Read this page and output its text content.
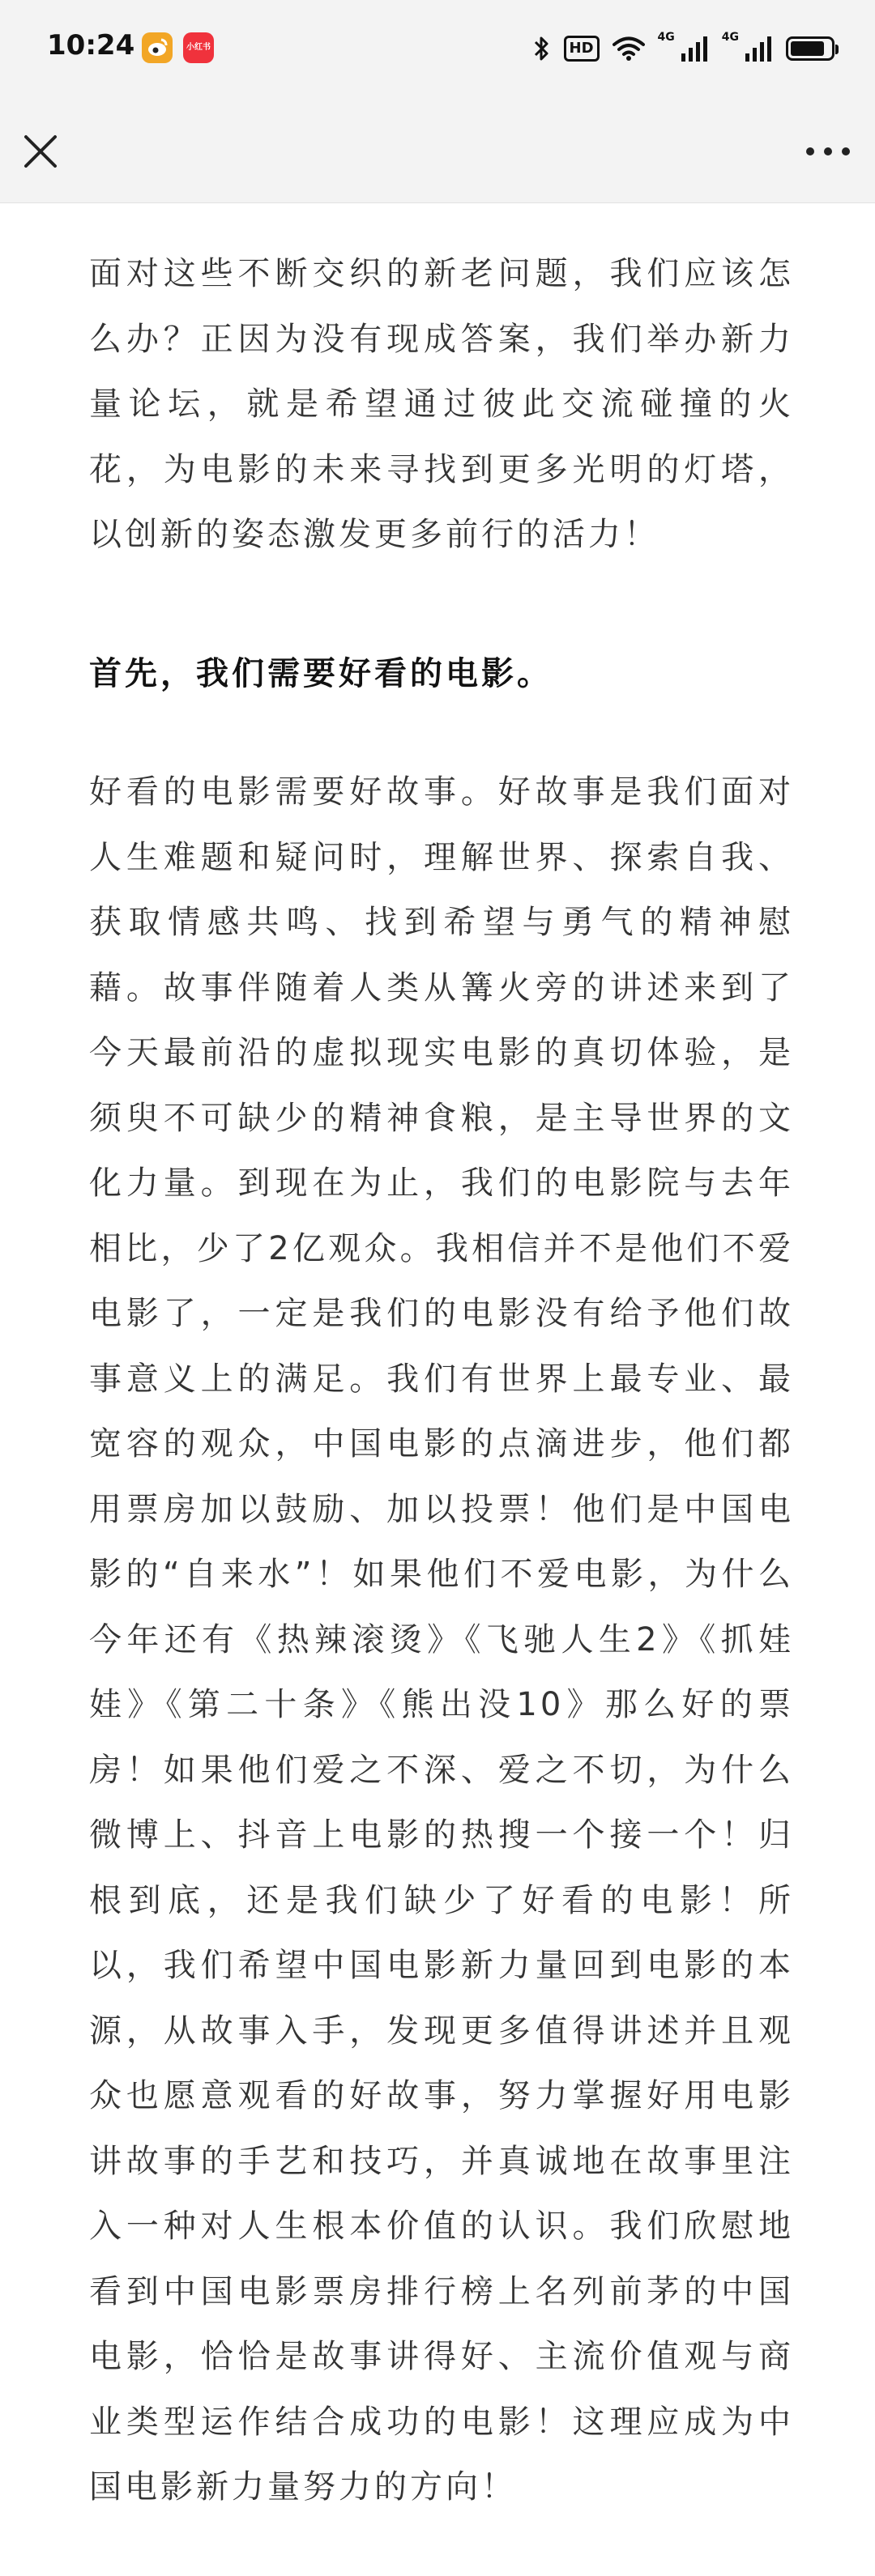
10:24	小红书	HD
4G	4G

面对这些不断交织的新老问题，我们应该怎么办？正因为没有现成答案，我们举办新力量论坛，就是希望通过彼此交流碰撞的火花，为电影的未来寻找到更多光明的灯塔，以创新的姿态激发更多前行的活力！

首先，我们需要好看的电影。

好看的电影需要好故事。好故事是我们面对人生难题和疑问时，理解世界、探索自我、获取情感共鸣、找到希望与勇气的精神慰藉。故事伴随着人类从篝火旁的讲述来到了今天最前沿的虚拟现实电影的真切体验，是须臾不可缺少的精神食粮，是主导世界的文化力量。到现在为止，我们的电影院与去年相比，少了2亿观众。我相信并不是他们不爱电影了，一定是我们的电影没有给予他们故事意义上的满足。我们有世界上最专业、最宽容的观众，中国电影的点滴进步，他们都用票房加以鼓励、加以投票！他们是中国电影的“自来水”！如果他们不爱电影，为什么今年还有《热辣滚烫》《飞驰人生2》《抓娃娃》《第二十条》《熊出没10》那么好的票房！如果他们爱之不深、爱之不切，为什么微博上、抖音上电影的热搜一个接一个！归根到底，还是我们缺少了好看的电影！所以，我们希望中国电影新力量回到电影的本源，从故事入手，发现更多值得讲述并且观众也愿意观看的好故事，努力掌握好用电影讲故事的手艺和技巧，并真诚地在故事里注入一种对人生根本价值的认识。我们欣慰地看到中国电影票房排行榜上名列前茅的中国电影，恰恰是故事讲得好、主流价值观与商业类型运作结合成功的电影！这理应成为中国电影新力量努力的方向！
